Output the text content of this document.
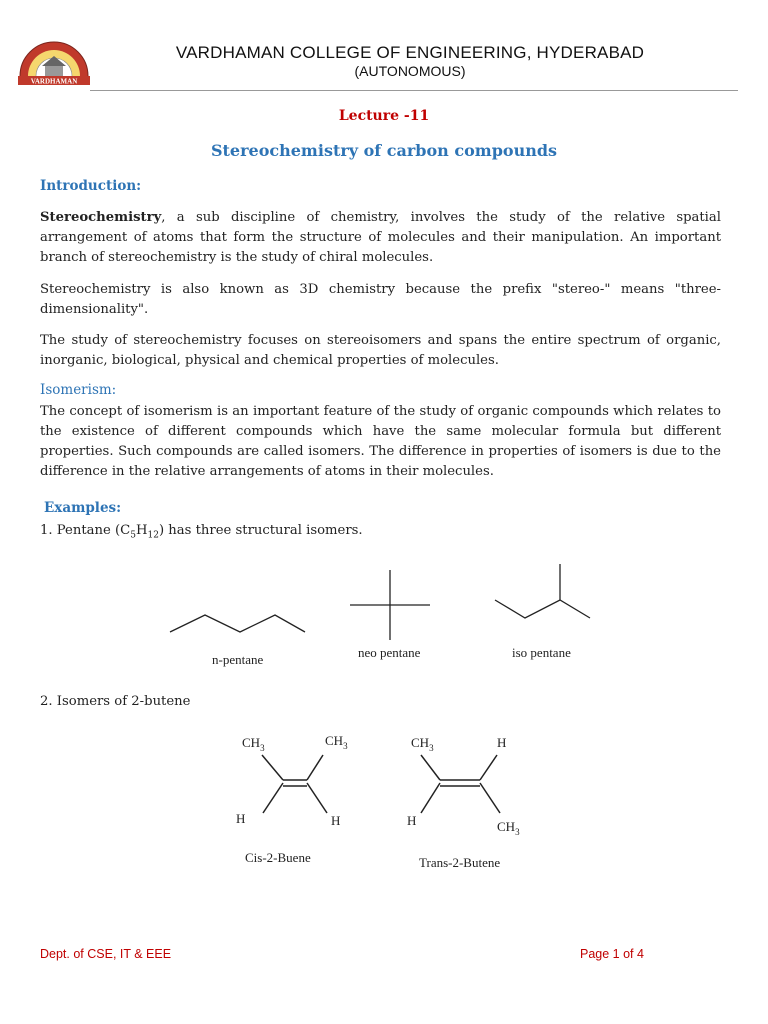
VARDHAMAN
VARDHAMAN COLLEGE OF ENGINEERING, HYDERABAD
(AUTONOMOUS)
Lecture -11
Stereochemistry of carbon compounds
Introduction:
Stereochemistry, a sub discipline of chemistry, involves the study of the relative spatial arrangement of atoms that form the structure of molecules and their manipulation. An important branch of stereochemistry is the study of chiral molecules.
Stereochemistry is also known as 3D chemistry because the prefix "stereo-" means "three-dimensionality".
The study of stereochemistry focuses on stereoisomers and spans the entire spectrum of organic, inorganic, biological, physical and chemical properties of molecules.
Isomerism:
The concept of isomerism is an important feature of the study of organic compounds which relates to the existence of different compounds which have the same molecular formula but different properties. Such compounds are called isomers. The difference in properties of isomers is due to the difference in the relative arrangements of atoms in their molecules.
Examples:
1. Pentane $(C_5H_{12})$ has three structural isomers.
n-pentane	neo pentane	iso pentane
2. Isomers of 2-butene
$CH_3$	$CH_3$
H	H
Cis-2-Buene
$CH_3$	H
H	$CH_3$
Trans-2-Butene
Dept. of CSE, IT & EEE	Page 1 of 4
